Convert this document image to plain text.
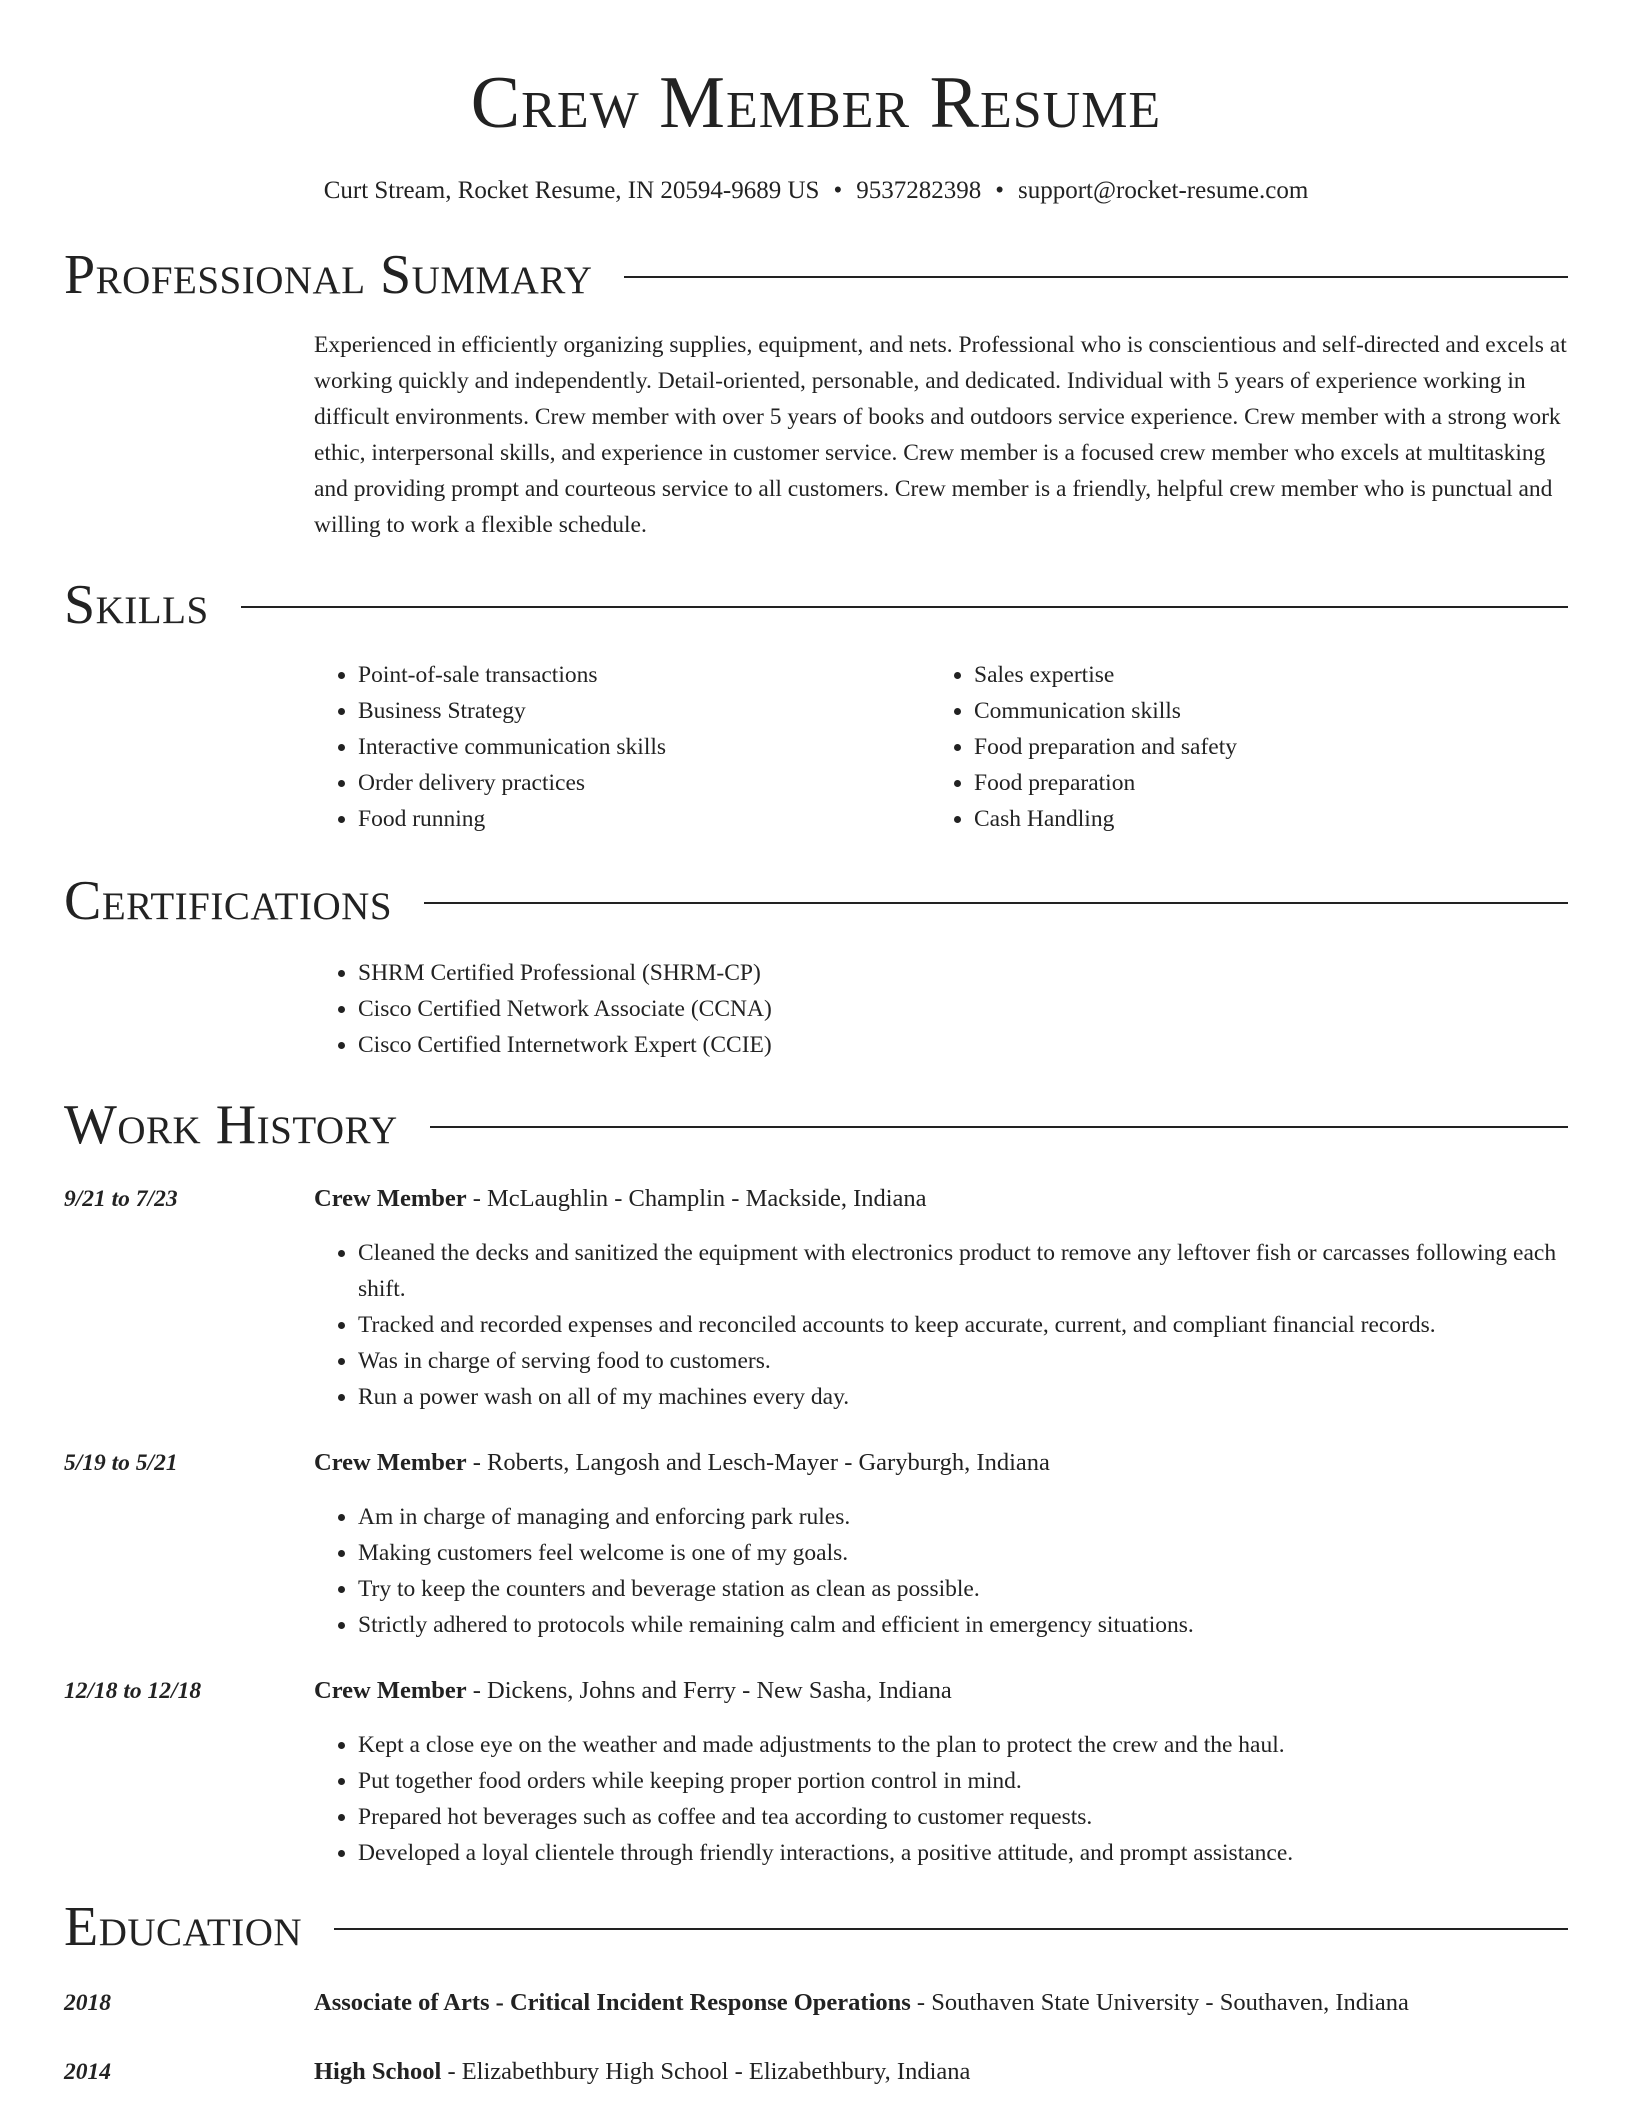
Crew Member Resume
Curt Stream, Rocket Resume, IN 20594-9689 US • 9537282398 • support@rocket-resume.com
Professional Summary
Experienced in efficiently organizing supplies, equipment, and nets. Professional who is conscientious and self-directed and excels at working quickly and independently. Detail-oriented, personable, and dedicated. Individual with 5 years of experience working in difficult environments. Crew member with over 5 years of books and outdoors service experience. Crew member with a strong work ethic, interpersonal skills, and experience in customer service. Crew member is a focused crew member who excels at multitasking and providing prompt and courteous service to all customers. Crew member is a friendly, helpful crew member who is punctual and willing to work a flexible schedule.
Skills
• Point-of-sale transactions
• Business Strategy
• Interactive communication skills
• Order delivery practices
• Food running
• Sales expertise
• Communication skills
• Food preparation and safety
• Food preparation
• Cash Handling
Certifications
• SHRM Certified Professional (SHRM-CP)
• Cisco Certified Network Associate (CCNA)
• Cisco Certified Internetwork Expert (CCIE)
Work History
9/21 to 7/23	Crew Member - McLaughlin - Champlin - Mackside, Indiana
• Cleaned the decks and sanitized the equipment with electronics product to remove any leftover fish or carcasses following each shift.
• Tracked and recorded expenses and reconciled accounts to keep accurate, current, and compliant financial records.
• Was in charge of serving food to customers.
• Run a power wash on all of my machines every day.
5/19 to 5/21	Crew Member - Roberts, Langosh and Lesch-Mayer - Garyburgh, Indiana
• Am in charge of managing and enforcing park rules.
• Making customers feel welcome is one of my goals.
• Try to keep the counters and beverage station as clean as possible.
• Strictly adhered to protocols while remaining calm and efficient in emergency situations.
12/18 to 12/18	Crew Member - Dickens, Johns and Ferry - New Sasha, Indiana
• Kept a close eye on the weather and made adjustments to the plan to protect the crew and the haul.
• Put together food orders while keeping proper portion control in mind.
• Prepared hot beverages such as coffee and tea according to customer requests.
• Developed a loyal clientele through friendly interactions, a positive attitude, and prompt assistance.
Education
2018	Associate of Arts - Critical Incident Response Operations - Southaven State University - Southaven, Indiana
2014	High School - Elizabethbury High School - Elizabethbury, Indiana
